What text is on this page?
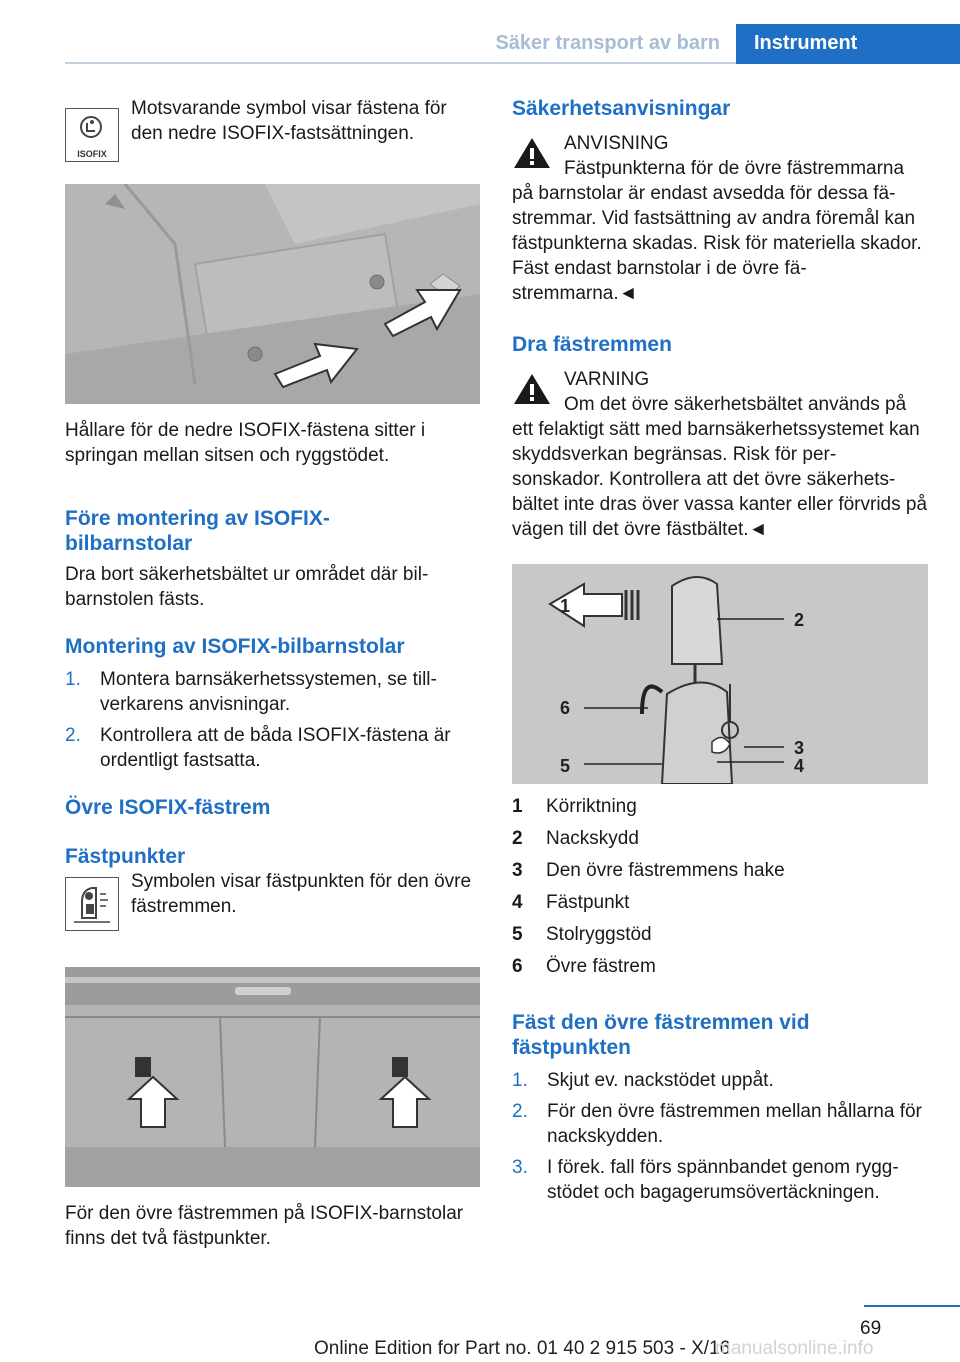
Säker transport av barn	Instrument
ISOFIX
Motsvarande symbol visar fästena för den nedre ISOFIX-fastsättningen.

Hållare för de nedre ISOFIX-fästena sitter i springan mellan sitsen och ryggstödet.

Före montering av ISOFIX-bilbarnstolar

Dra bort säkerhetsbältet ur området där bil-barnstolen fästs.

Montering av ISOFIX-bilbarnstolar
1. Montera barnsäkerhetssystemen, se till-verkarens anvisningar.
2. Kontrollera att de båda ISOFIX-fästena är ordentligt fastsatta.
Övre ISOFIX-fästrem
Fästpunkter
Symbolen visar fästpunkten för den övre fästremmen.

För den övre fästremmen på ISOFIX-barnstolar finns det två fästpunkter.

Säkerhetsanvisningar
ANVISNING
Fästpunkterna för de övre fästremmarna
på barnstolar är endast avsedda för dessa fä-stremmar. Vid fastsättning av andra föremål kan fästpunkterna skadas. Risk för materiella skador. Fäst endast barnstolar i de övre fä-stremmarna.◄
Dra fästremmen
VARNING
Om det övre säkerhetsbältet används på
ett felaktigt sätt med barnsäkerhetssystemet kan skyddsverkan begränsas. Risk för per-sonskador. Kontrollera att det övre säkerhets-bältet inte dras över vassa kanter eller förvrids på vägen till det övre fästbältet.◄
1
2
6
3
4
5
1	Körriktning
2	Nackskydd
3	Den övre fästremmens hake
4	Fästpunkt
5	Stolryggstöd
6	Övre fästrem
Fäst den övre fästremmen vid fästpunkten
1. Skjut ev. nackstödet uppåt.
2. För den övre fästremmen mellan hållarna för nackskydden.
3. I förek. fall förs spännbandet genom rygg-stödet och bagagerumsövertäckningen.
69
Online Edition for Part no. 01 40 2 915 503 - X/16
manualsonline.info
